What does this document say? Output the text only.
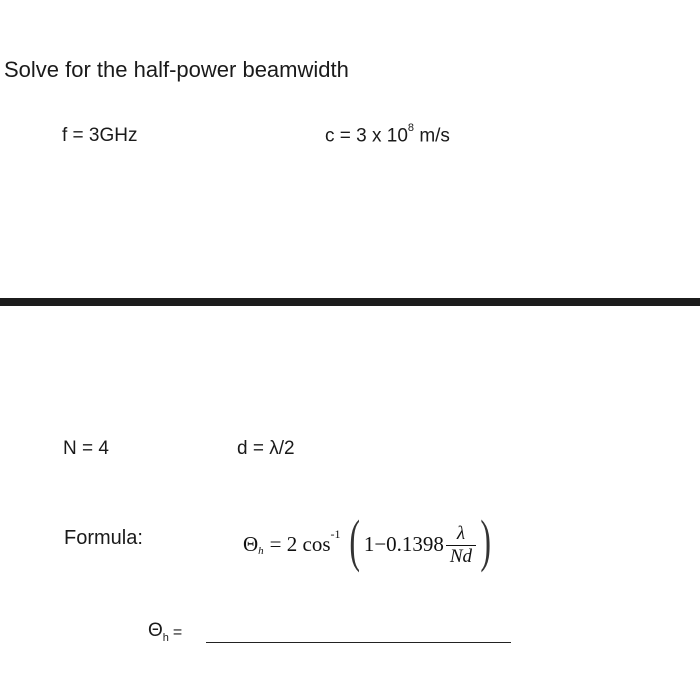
Solve for the half-power beamwidth
f = 3GHz	c = 3 x $10^8$ m/s
N = 4	d = λ/2
Formula:	Θ h = 2 cos -1 ( $1-0.1398 \frac{\lambda}{Nd}$ )
Θ h =
